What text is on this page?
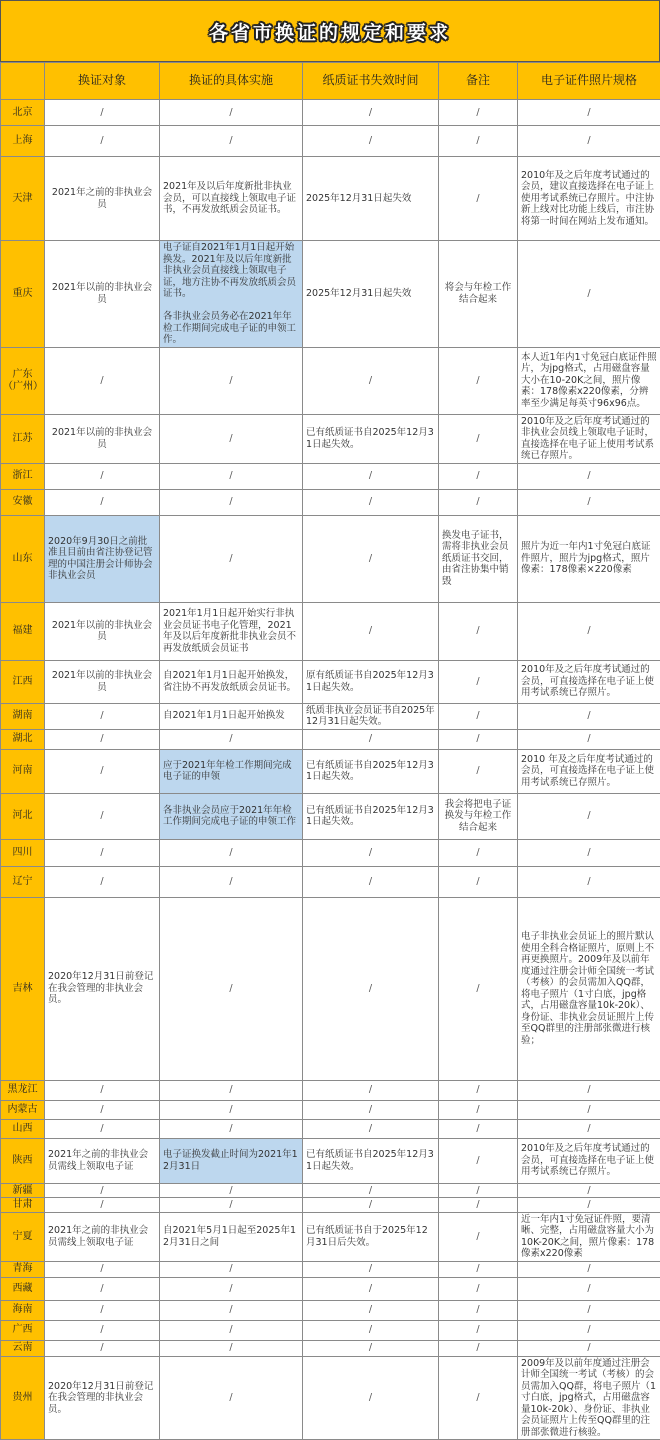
各省市换证的规定和要求
	换证对象	换证的具体实施	纸质证书失效时间	备注	电子证件照片规格
北京	/	/	/	/	/
上海	/	/	/	/	/
天津	2021年之前的非执业会员	2021年及以后年度新批非执业会员，可以直接线上领取电子证书，不再发放纸质会员证书。	2025年12月31日起失效	/	2010年及之后年度考试通过的会员，建议直接选择在电子证上使用考试系统已存照片。中注协新上线对比功能上线后，市注协将第一时间在网站上发布通知。
重庆	2021年以前的非执业会员	电子证自2021年1月1日起开始换发。2021年及以后年度新批非执业会员直接线上领取电子证，地方注协不再发放纸质会员证书。

各非执业会员务必在2021年年检工作期间完成电子证的申领工作。	2025年12月31日起失效	将会与年检工作结合起来	/
广东（广州）	/	/	/	/	本人近1年内1寸免冠白底证件照片，为jpg格式，占用磁盘容量大小在10-20K之间，照片像素：178像素x220像素，分辨率至少满足每英寸96x96点。
江苏	2021年以前的非执业会员	/	已有纸质证书自2025年12月31日起失效。	/	2010年及之后年度考试通过的非执业会员线上领取电子证时，直接选择在电子证上使用考试系统已存照片。
浙江	/	/	/	/	/
安徽	/	/	/	/	/
山东	2020年9月30日之前批准且目前由省注协登记管理的中国注册会计师协会非执业会员	/	/	换发电子证书，需将非执业会员纸质证书交回，由省注协集中销毁	照片为近一年内1寸免冠白底证件照片，照片为jpg格式，照片像素：178像素×220像素
福建	2021年以前的非执业会员	2021年1月1日起开始实行非执业会员证书电子化管理，2021年及以后年度新批非执业会员不再发放纸质会员证书	/	/	/
江西	2021年以前的非执业会员	自2021年1月1日起开始换发，省注协不再发放纸质会员证书。	原有纸质证书自2025年12月31日起失效。	/	2010年及之后年度考试通过的会员，可直接选择在电子证上使用考试系统已存照片。
湖南	/	自2021年1月1日起开始换发	纸质非执业会员证书自2025年12月31日起失效。	/	/
湖北	/	/	/	/	/
河南	/	应于2021年年检工作期间完成电子证的申领	已有纸质证书自2025年12月31日起失效。	/	2010 年及之后年度考试通过的会员，可直接选择在电子证上使用考试系统已存照片。
河北	/	各非执业会员应于2021年年检工作期间完成电子证的申领工作	已有纸质证书自2025年12月31日起失效。	我会将把电子证换发与年检工作结合起来	/
四川	/	/	/	/	/
辽宁	/	/	/	/	/
吉林	2020年12月31日前登记在我会管理的非执业会员。	/	/	/	电子非执业会员证上的照片默认使用全科合格证照片，原则上不再更换照片。2009年及以前年度通过注册会计师全国统一考试（考核）的会员需加入QQ群，将电子照片（1寸白底，jpg格式，占用磁盘容量10k-20k）、身份证、非执业会员证照片上传至QQ群里的注册部张微进行核验；
黑龙江	/	/	/	/	/
内蒙古	/	/	/	/	/
山西	/	/	/	/	/
陕西	2021年之前的非执业会员需线上领取电子证	电子证换发截止时间为2021年12月31日	已有纸质证书自2025年12月31日起失效。	/	2010年及之后年度考试通过的会员，可直接选择在电子证上使用考试系统已存照片。
新疆	/	/	/	/	/
甘肃	/	/	/	/	/
宁夏	2021年之前的非执业会员需线上领取电子证	自2021年5月1日起至2025年12月31日之间	已有纸质证书自于2025年12月31日后失效。	/	近一年内1寸免冠证件照，要清晰、完整，占用磁盘容量大小为10K-20K之间，照片像素：178像素x220像素
青海	/	/	/	/	/
西藏	/	/	/	/	/
海南	/	/	/	/	/
广西	/	/	/	/	/
云南	/	/	/	/	/
贵州	2020年12月31日前登记在我会管理的非执业会员。	/	/	/	2009年及以前年度通过注册会计师全国统一考试（考核）的会员需加入QQ群，将电子照片（1寸白底，jpg格式，占用磁盘容量10k-20k）、身份证、非执业会员证照片上传至QQ群里的注册部张微进行核验。
